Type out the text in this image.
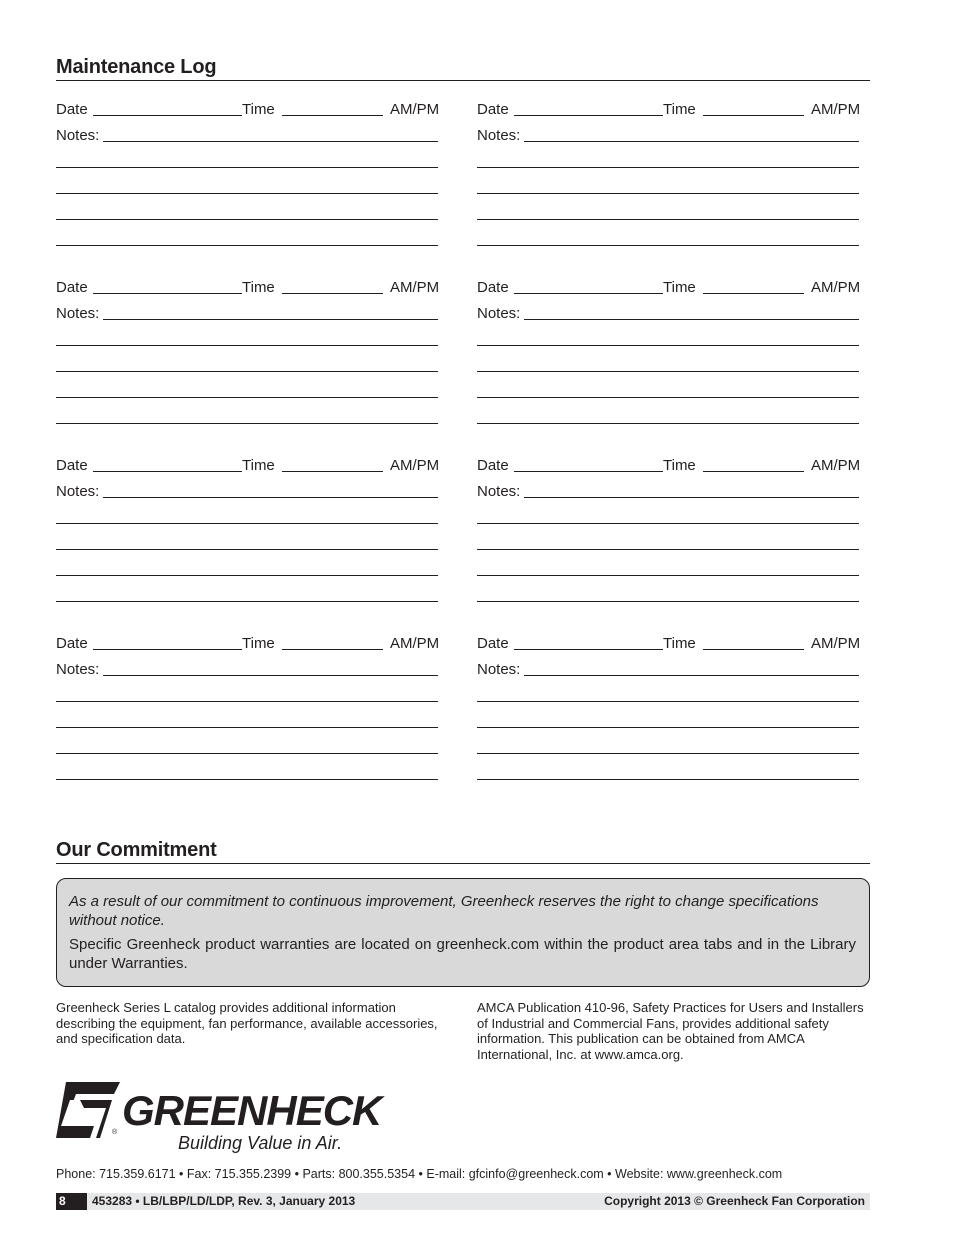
Maintenance Log
Date	Time	AM/PM
Notes:
Date	Time	AM/PM
Notes:
Date	Time	AM/PM
Notes:
Date	Time	AM/PM
Notes:
Date	Time	AM/PM
Notes:
Date	Time	AM/PM
Notes:
Date	Time	AM/PM
Notes:
Date	Time	AM/PM
Notes:
Our Commitment

As a result of our commitment to continuous improvement, Greenheck reserves the right to change specifications without notice.

Specific Greenheck product warranties are located on greenheck.com within the product area tabs and in the Library under Warranties.

Greenheck Series L catalog provides additional information describing the equipment, fan performance, available accessories, and specification data.
AMCA Publication 410-96, Safety Practices for Users and Installers of Industrial and Commercial Fans, provides additional safety information. This publication can be obtained from AMCA International, Inc. at www.amca.org.
GREENHECK
®
Building Value in Air.
Phone: 715.359.6171 • Fax: 715.355.2399 • Parts: 800.355.5354 • E-mail: gfcinfo@greenheck.com • Website: www.greenheck.com
8	453283 • LB/LBP/LD/LDP, Rev. 3, January 2013	Copyright 2013 © Greenheck Fan Corporation
